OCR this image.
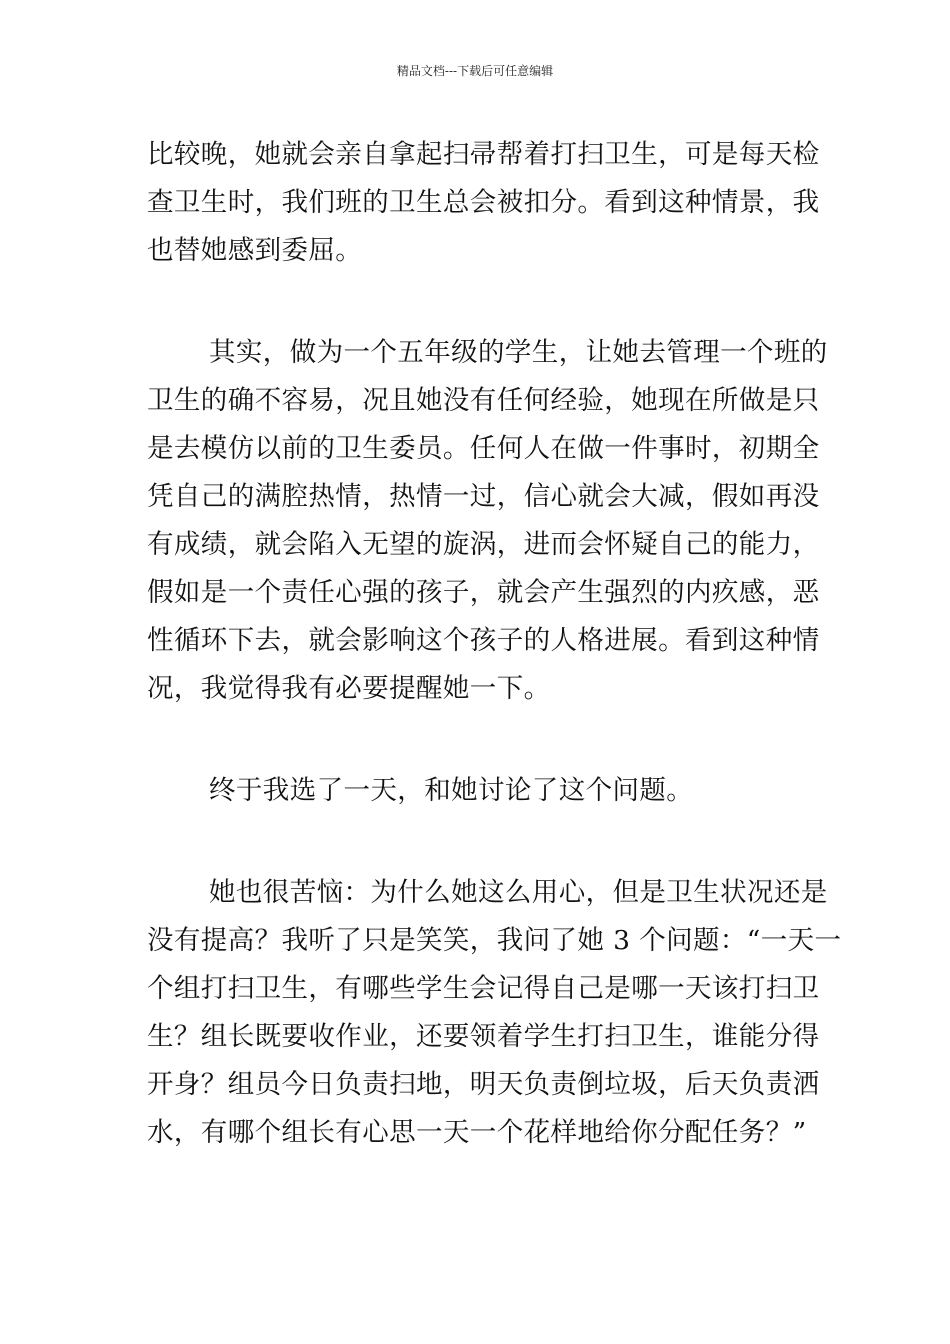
精品文档---下载后可任意编辑
比较晚，她就会亲自拿起扫帚帮着打扫卫生，可是每天检
查卫生时，我们班的卫生总会被扣分。看到这种情景，我
也替她感到委屈。
其实，做为一个五年级的学生，让她去管理一个班的
卫生的确不容易，况且她没有任何经验，她现在所做是只
是去模仿以前的卫生委员。任何人在做一件事时，初期全
凭自己的满腔热情，热情一过，信心就会大减，假如再没
有成绩，就会陷入无望的旋涡，进而会怀疑自己的能力，
假如是一个责任心强的孩子，就会产生强烈的内疚感，恶
性循环下去，就会影响这个孩子的人格进展。看到这种情
况，我觉得我有必要提醒她一下。
终于我选了一天，和她讨论了这个问题。
她也很苦恼：为什么她这么用心，但是卫生状况还是
没有提高？我听了只是笑笑，我问了她 3 个问题：“一天一
个组打扫卫生，有哪些学生会记得自己是哪一天该打扫卫
生？组长既要收作业，还要领着学生打扫卫生，谁能分得
开身？组员今日负责扫地，明天负责倒垃圾，后天负责洒
水，有哪个组长有心思一天一个花样地给你分配任务？”
